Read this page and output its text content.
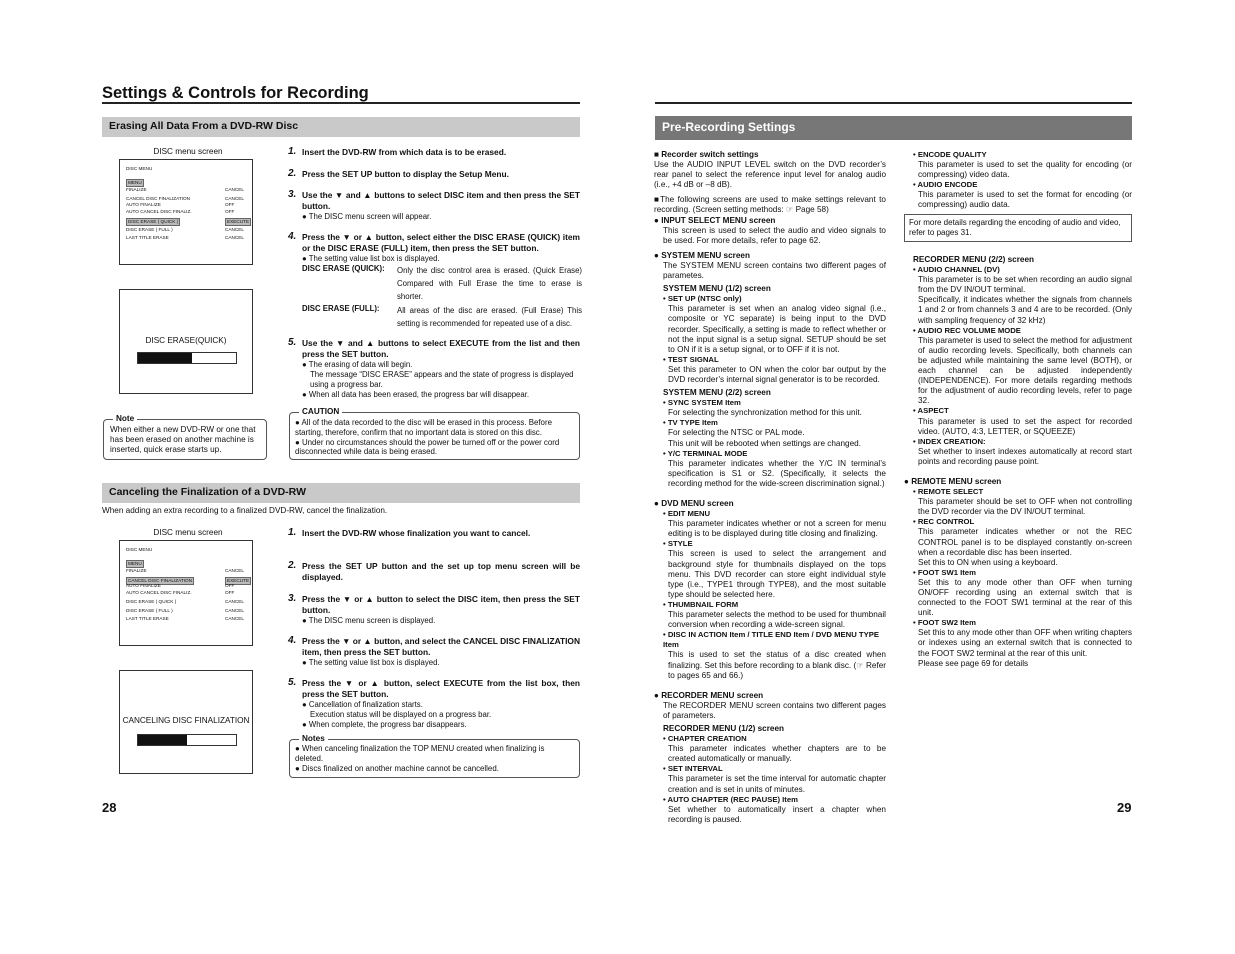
Settings & Controls for Recording
Erasing All Data From a DVD-RW Disc
DISC menu screen
DISC MENU
MENU
FINALIZE
CANCEL DISC FINALIZATION
AUTO FINALIZE
AUTO CANCEL DISC FINALIZ.
DISC ERASE ( QUICK )
DISC ERASE ( FULL )
LAST TITLE ERASE
CANCEL
CANCEL
OFF
OFF
EXECUTE
CANCEL
CANCEL
DISC ERASE(QUICK)
1. Insert the DVD-RW from which data is to be erased.
2. Press the SET UP button to display the Setup Menu.
3. Use the ▼ and ▲ buttons to select DISC item and then press the SET button.
● The DISC menu screen will appear.
4. Press the ▼ or ▲ button, select either the DISC ERASE (QUICK) item or the DISC ERASE (FULL) item, then press the SET button.
● The setting value list box is displayed.
5. Use the ▼ and ▲ buttons to select EXECUTE from the list and then press the SET button.
● The erasing of data will begin.
The message “DISC ERASE” appears and the state of progress is displayed using a progress bar.
● When all data has been erased, the progress bar will disappear.
DISC ERASE (QUICK):	Only the disc control area is erased. (Quick Erase) Compared with Full Erase the time to erase is shorter.
DISC ERASE (FULL):	All areas of the disc are erased. (Full Erase) This setting is recommended for repeated use of a disc.
Note
When either a new DVD-RW or one that has been erased on another machine is inserted, quick erase starts up.
CAUTION
● All of the data recorded to the disc will be erased in this process. Before starting, therefore, confirm that no important data is stored on this disc.
● Under no circumstances should the power be turned off or the power cord disconnected while data is being erased.
Canceling the Finalization of a DVD-RW
When adding an extra recording to a finalized DVD-RW, cancel the finalization.
DISC menu screen
DISC MENU
MENU
FINALIZE
CANCEL DISC FINALIZATION
AUTO FINALIZE
AUTO CANCEL DISC FINALIZ.
DISC ERASE ( QUICK )
DISC ERASE ( FULL )
LAST TITLE ERASE
CANCEL
EXECUTE
OFF
OFF
CANCEL
CANCEL
CANCEL
CANCELING DISC FINALIZATION
1. Insert the DVD-RW whose finalization you want to cancel.
2. Press the SET UP button and the set up top menu screen will be displayed.
3. Press the ▼ or ▲ button to select the DISC item, then press the SET button.
● The DISC menu screen is displayed.
4. Press the ▼ or ▲ button, and select the CANCEL DISC FINALIZATION item, then press the SET button.
● The setting value list box is displayed.
5. Press the ▼ or ▲ button, select EXECUTE from the list box, then press the SET button.
● Cancellation of finalization starts.
Execution status will be displayed on a progress bar.
● When complete, the progress bar disappears.
Notes
● When canceling finalization the TOP MENU created when finalizing is deleted.
● Discs finalized on another machine cannot be cancelled.
28
Pre-Recording Settings
■ Recorder switch settings

Use the AUDIO INPUT LEVEL switch on the DVD recorder’s rear panel to select the reference input level for analog audio (i.e., +4 dB or –8 dB).

■The following screens are used to make settings relevant to recording. (Screen setting methods: ☞ Page 58)

● INPUT SELECT MENU screen

This screen is used to select the audio and video signals to be used. For more details, refer to page 62.

● SYSTEM MENU screen

The SYSTEM MENU screen contains two different pages of parametes.

SYSTEM MENU (1/2) screen
• SET UP (NTSC only)

This parameter is set when an analog video signal (i.e., composite or YC separate) is being input to the DVD recorder. Specifically, a setting is made to reflect whether or not the input signal is a setup signal. SETUP should be set to ON if it is a setup signal, or to OFF if it is not.

• TEST SIGNAL

Set this parameter to ON when the color bar output by the DVD recorder’s internal signal generator is to be recorded.

SYSTEM MENU (2/2) screen
• SYNC SYSTEM Item

For selecting the synchronization method for this unit.

• TV TYPE Item

For selecting the NTSC or PAL mode.

This unit will be rebooted when settings are changed.

• Y/C TERMINAL MODE

This parameter indicates whether the Y/C IN terminal’s specification is S1 or S2. (Specifically, it selects the recording method for the wide-screen discrimination signal.)

● DVD MENU screen
• EDIT MENU

This parameter indicates whether or not a screen for menu editing is to be displayed during title closing and finalizing.

• STYLE

This screen is used to select the arrangement and background style for thumbnails displayed on the tops menu. This DVD recorder can store eight individual style type (i.e., TYPE1 through TYPE8), and the most suitable type should be selected here.

• THUMBNAIL FORM

This parameter selects the method to be used for thumbnail conversion when recording a wide-screen signal.

• DISC IN ACTION Item / TITLE END Item / DVD MENU TYPE Item

This is used to set the status of a disc created when finalizing. Set this before recording to a blank disc. (☞ Refer to pages 65 and 66.)

● RECORDER MENU screen

The RECORDER MENU screen contains two different pages of parameters.

RECORDER MENU (1/2) screen
• CHAPTER CREATION

This parameter indicates whether chapters are to be created automatically or manually.

• SET INTERVAL

This parameter is set the time interval for automatic chapter creation and is set in units of minutes.

• AUTO CHAPTER (REC PAUSE) Item

Set whether to automatically insert a chapter when recording is paused.

• ENCODE QUALITY

This parameter is used to set the quality for encoding (or compressing) video data.

• AUDIO ENCODE

This parameter is used to set the format for encoding (or compressing) audio data.

For more details regarding the encoding of audio and video, refer to pages 31.
RECORDER MENU (2/2) screen
• AUDIO CHANNEL (DV)

This parameter is to be set when recording an audio signal from the DV IN/OUT terminal.

Specifically, it indicates whether the signals from channels 1 and 2 or from channels 3 and 4 are to be recorded. (Only with sampling frequency of 32 kHz)

• AUDIO REC VOLUME MODE

This parameter is used to select the method for adjustment of audio recording levels. Specifically, both channels can be adjusted while maintaining the same level (BOTH), or each channel can be adjusted independently (INDEPENDENCE). For more details regarding methods for the adjustment of audio recording levels, refer to page 32.

• ASPECT

This parameter is used to set the aspect for recorded video. (AUTO, 4:3, LETTER, or SQUEEZE)

• INDEX CREATION:

Set whether to insert indexes automatically at record start points and recording pause point.

● REMOTE MENU screen
• REMOTE SELECT

This parameter should be set to OFF when not controlling the DVD recorder via the DV IN/OUT terminal.

• REC CONTROL

This parameter indicates whether or not the REC CONTROL panel is to be displayed constantly on-screen when a recordable disc has been inserted.

Set this to ON when using a keyboard.

• FOOT SW1 Item

Set this to any mode other than OFF when turning ON/OFF recording using an external switch that is connected to the FOOT SW1 terminal at the rear of this unit.

• FOOT SW2 Item

Set this to any mode other than OFF when writing chapters or indexes using an external switch that is connected to the FOOT SW2 terminal at the rear of this unit.

Please see page 69 for details

29
